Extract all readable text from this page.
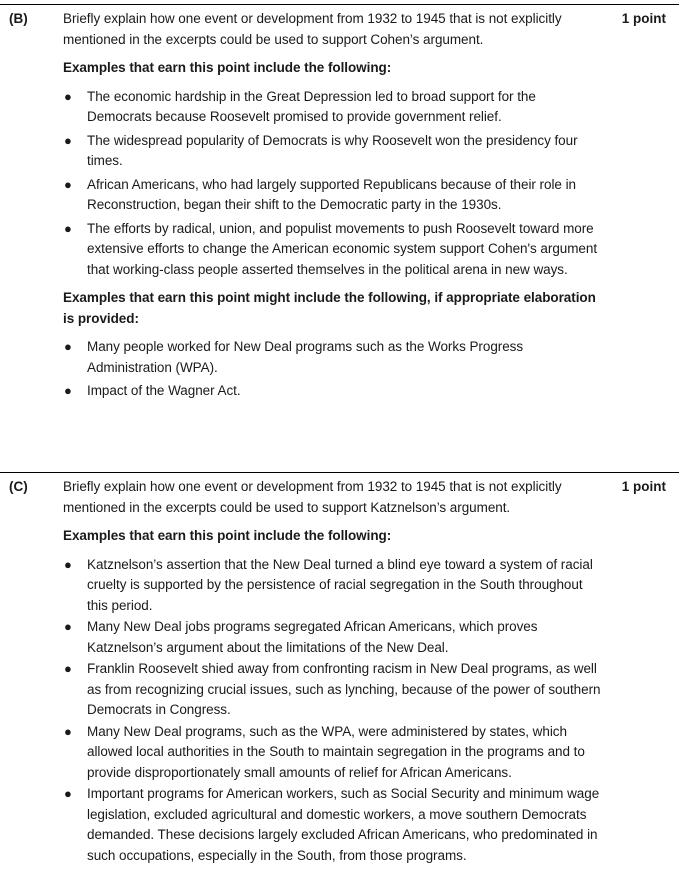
(B)	1 point

Briefly explain how one event or development from 1932 to 1945 that is not explicitly mentioned in the excerpts could be used to support Cohen’s argument.

Examples that earn this point include the following:

● The economic hardship in the Great Depression led to broad support for the Democrats because Roosevelt promised to provide government relief.
● The widespread popularity of Democrats is why Roosevelt won the presidency four times.
● African Americans, who had largely supported Republicans because of their role in Reconstruction, began their shift to the Democratic party in the 1930s.
● The efforts by radical, union, and populist movements to push Roosevelt toward more extensive efforts to change the American economic system support Cohen's argument that working-class people asserted themselves in the political arena in new ways.

Examples that earn this point might include the following, if appropriate elaboration is provided:

● Many people worked for New Deal programs such as the Works Progress Administration (WPA).
● Impact of the Wagner Act.
(C)	1 point

Briefly explain how one event or development from 1932 to 1945 that is not explicitly mentioned in the excerpts could be used to support Katznelson’s argument.

Examples that earn this point include the following:

● Katznelson’s assertion that the New Deal turned a blind eye toward a system of racial cruelty is supported by the persistence of racial segregation in the South throughout this period.
● Many New Deal jobs programs segregated African Americans, which proves Katznelson’s argument about the limitations of the New Deal.
● Franklin Roosevelt shied away from confronting racism in New Deal programs, as well as from recognizing crucial issues, such as lynching, because of the power of southern Democrats in Congress.
● Many New Deal programs, such as the WPA, were administered by states, which allowed local authorities in the South to maintain segregation in the programs and to provide disproportionately small amounts of relief for African Americans.
● Important programs for American workers, such as Social Security and minimum wage legislation, excluded agricultural and domestic workers, a move southern Democrats demanded. These decisions largely excluded African Americans, who predominated in such occupations, especially in the South, from those programs.
